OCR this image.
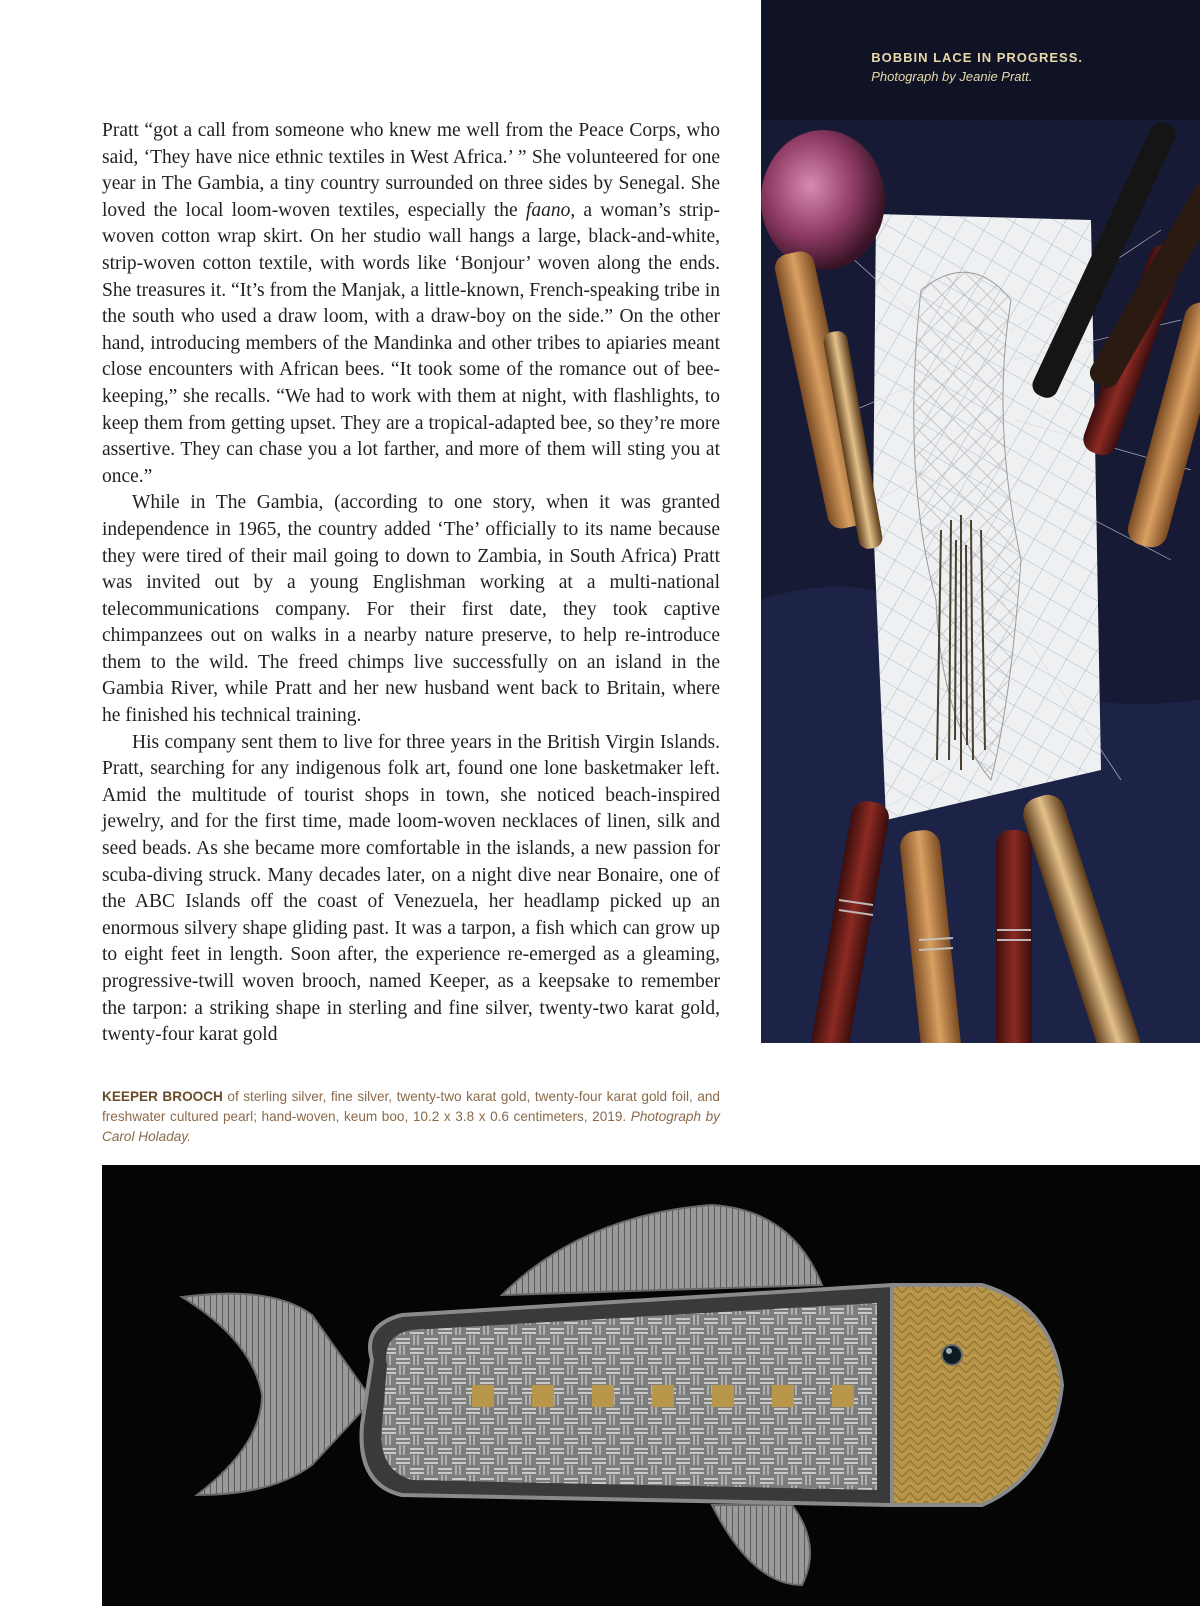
Pratt “got a call from someone who knew me well from the Peace Corps, who said, ‘They have nice ethnic textiles in West Africa.’ ” She volunteered for one year in The Gambia, a tiny country surrounded on three sides by Senegal. She loved the local loom-woven textiles, especially the faano, a woman’s strip-woven cotton wrap skirt. On her studio wall hangs a large, black-and-white, strip-woven cotton textile, with words like ‘Bonjour’ woven along the ends. She treasures it. “It’s from the Manjak, a little-known, French-speaking tribe in the south who used a draw loom, with a draw-boy on the side.” On the other hand, introducing members of the Mandinka and other tribes to apiaries meant close encounters with African bees. “It took some of the romance out of bee-keeping,” she recalls. “We had to work with them at night, with flashlights, to keep them from getting upset. They are a tropical-adapted bee, so they’re more assertive. They can chase you a lot farther, and more of them will sting you at once.”

While in The Gambia, (according to one story, when it was granted independence in 1965, the country added ‘The’ officially to its name because they were tired of their mail going to down to Zambia, in South Africa) Pratt was invited out by a young Englishman working at a multi-national telecommunications company. For their first date, they took captive chimpanzees out on walks in a nearby nature preserve, to help re-introduce them to the wild. The freed chimps live successfully on an island in the Gambia River, while Pratt and her new husband went back to Britain, where he finished his technical training.

His company sent them to live for three years in the British Virgin Islands. Pratt, searching for any indigenous folk art, found one lone basketmaker left. Amid the multitude of tourist shops in town, she noticed beach-inspired jewelry, and for the first time, made loom-woven necklaces of linen, silk and seed beads. As she became more comfortable in the islands, a new passion for scuba-diving struck. Many decades later, on a night dive near Bonaire, one of the ABC Islands off the coast of Venezuela, her headlamp picked up an enormous silvery shape gliding past. It was a tarpon, a fish which can grow up to eight feet in length. Soon after, the experience re-emerged as a gleaming, progressive-twill woven brooch, named Keeper, as a keepsake to remember the tarpon: a striking shape in sterling and fine silver, twenty-two karat gold, twenty-four karat gold

BOBBIN LACE IN PROGRESS.
Photograph by Jeanie Pratt.

KEEPER BROOCH of sterling silver, fine silver, twenty-two karat gold, twenty-four karat gold foil, and freshwater cultured pearl; hand-woven, keum boo, 10.2 x 3.8 x 0.6 centimeters, 2019. Photograph by Carol Holaday.
